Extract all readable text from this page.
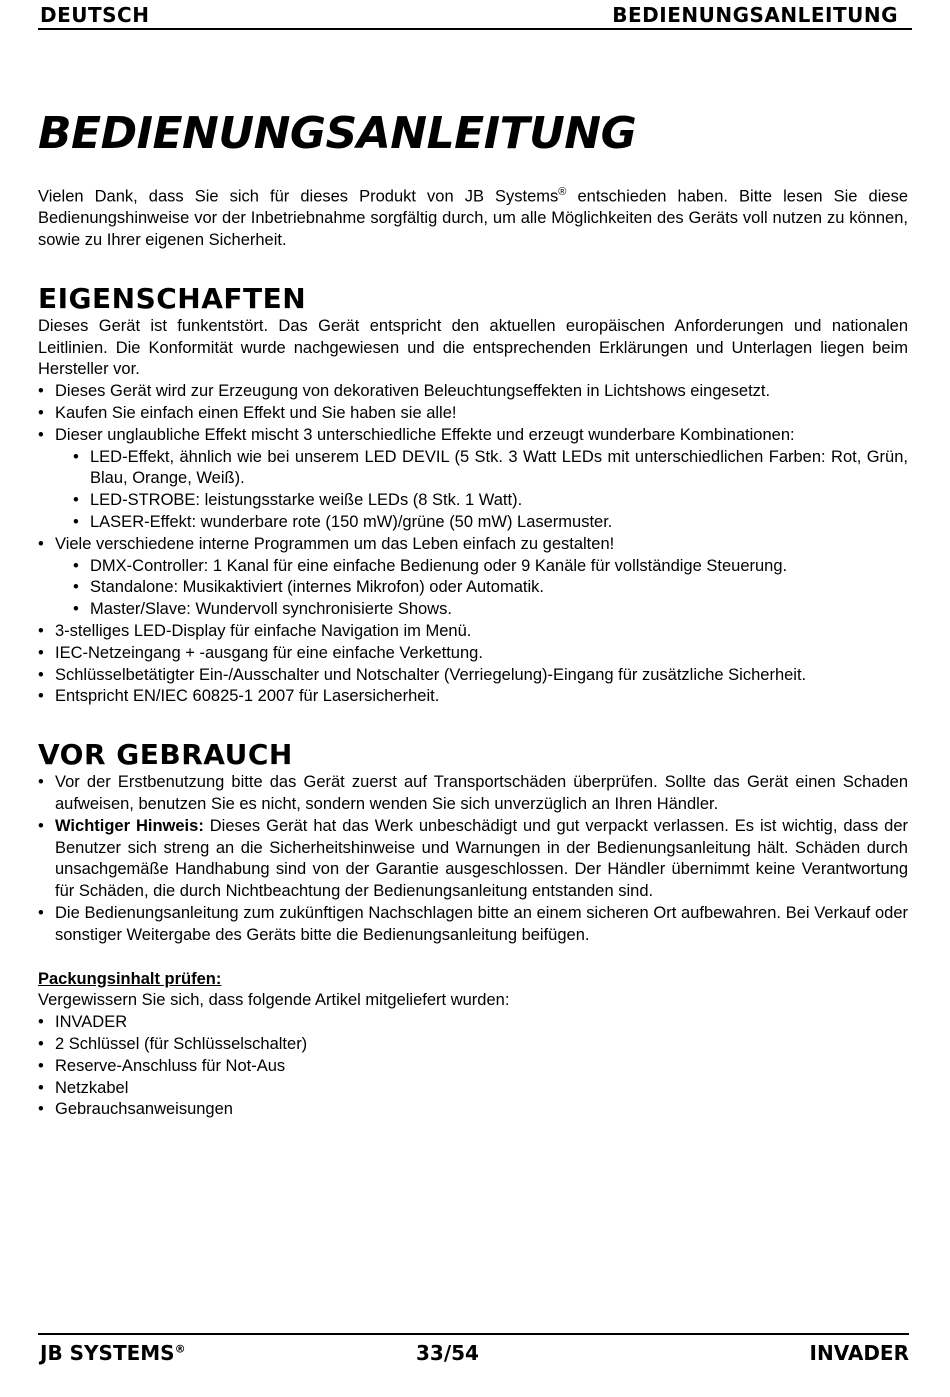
DEUTSCH	BEDIENUNGSANLEITUNG
BEDIENUNGSANLEITUNG

Vielen Dank, dass Sie sich für dieses Produkt von JB Systems® entschieden haben. Bitte lesen Sie diese Bedienungshinweise vor der Inbetriebnahme sorgfältig durch, um alle Möglichkeiten des Geräts voll nutzen zu können, sowie zu Ihrer eigenen Sicherheit.

EIGENSCHAFTEN

Dieses Gerät ist funkentstört. Das Gerät entspricht den aktuellen europäischen Anforderungen und nationalen Leitlinien. Die Konformität wurde nachgewiesen und die entsprechenden Erklärungen und Unterlagen liegen beim Hersteller vor.

• Dieses Gerät wird zur Erzeugung von dekorativen Beleuchtungseffekten in Lichtshows eingesetzt.
• Kaufen Sie einfach einen Effekt und Sie haben sie alle!
• Dieser unglaubliche Effekt mischt 3 unterschiedliche Effekte und erzeugt wunderbare Kombinationen:
• LED-Effekt, ähnlich wie bei unserem LED DEVIL (5 Stk. 3 Watt LEDs mit unterschiedlichen Farben: Rot, Grün, Blau, Orange, Weiß).
• LED-STROBE: leistungsstarke weiße LEDs (8 Stk. 1 Watt).
• LASER-Effekt: wunderbare rote (150 mW)/grüne (50 mW) Lasermuster.
• Viele verschiedene interne Programmen um das Leben einfach zu gestalten!
• DMX-Controller: 1 Kanal für eine einfache Bedienung oder 9 Kanäle für vollständige Steuerung.
• Standalone: Musikaktiviert (internes Mikrofon) oder Automatik.
• Master/Slave: Wundervoll synchronisierte Shows.
• 3-stelliges LED-Display für einfache Navigation im Menü.
• IEC-Netzeingang + -ausgang für eine einfache Verkettung.
• Schlüsselbetätigter Ein-/Ausschalter und Notschalter (Verriegelung)-Eingang für zusätzliche Sicherheit.
• Entspricht EN/IEC 60825-1 2007 für Lasersicherheit.
VOR GEBRAUCH
• Vor der Erstbenutzung bitte das Gerät zuerst auf Transportschäden überprüfen. Sollte das Gerät einen Schaden aufweisen, benutzen Sie es nicht, sondern wenden Sie sich unverzüglich an Ihren Händler.
• Wichtiger Hinweis: Dieses Gerät hat das Werk unbeschädigt und gut verpackt verlassen. Es ist wichtig, dass der Benutzer sich streng an die Sicherheitshinweise und Warnungen in der Bedienungsanleitung hält. Schäden durch unsachgemäße Handhabung sind von der Garantie ausgeschlossen. Der Händler übernimmt keine Verantwortung für Schäden, die durch Nichtbeachtung der Bedienungsanleitung entstanden sind.
• Die Bedienungsanleitung zum zukünftigen Nachschlagen bitte an einem sicheren Ort aufbewahren. Bei Verkauf oder sonstiger Weitergabe des Geräts bitte die Bedienungsanleitung beifügen.

Packungsinhalt prüfen:

Vergewissern Sie sich, dass folgende Artikel mitgeliefert wurden:

• INVADER
• 2 Schlüssel (für Schlüsselschalter)
• Reserve-Anschluss für Not-Aus
• Netzkabel
• Gebrauchsanweisungen
JB SYSTEMS®	33/54	INVADER
